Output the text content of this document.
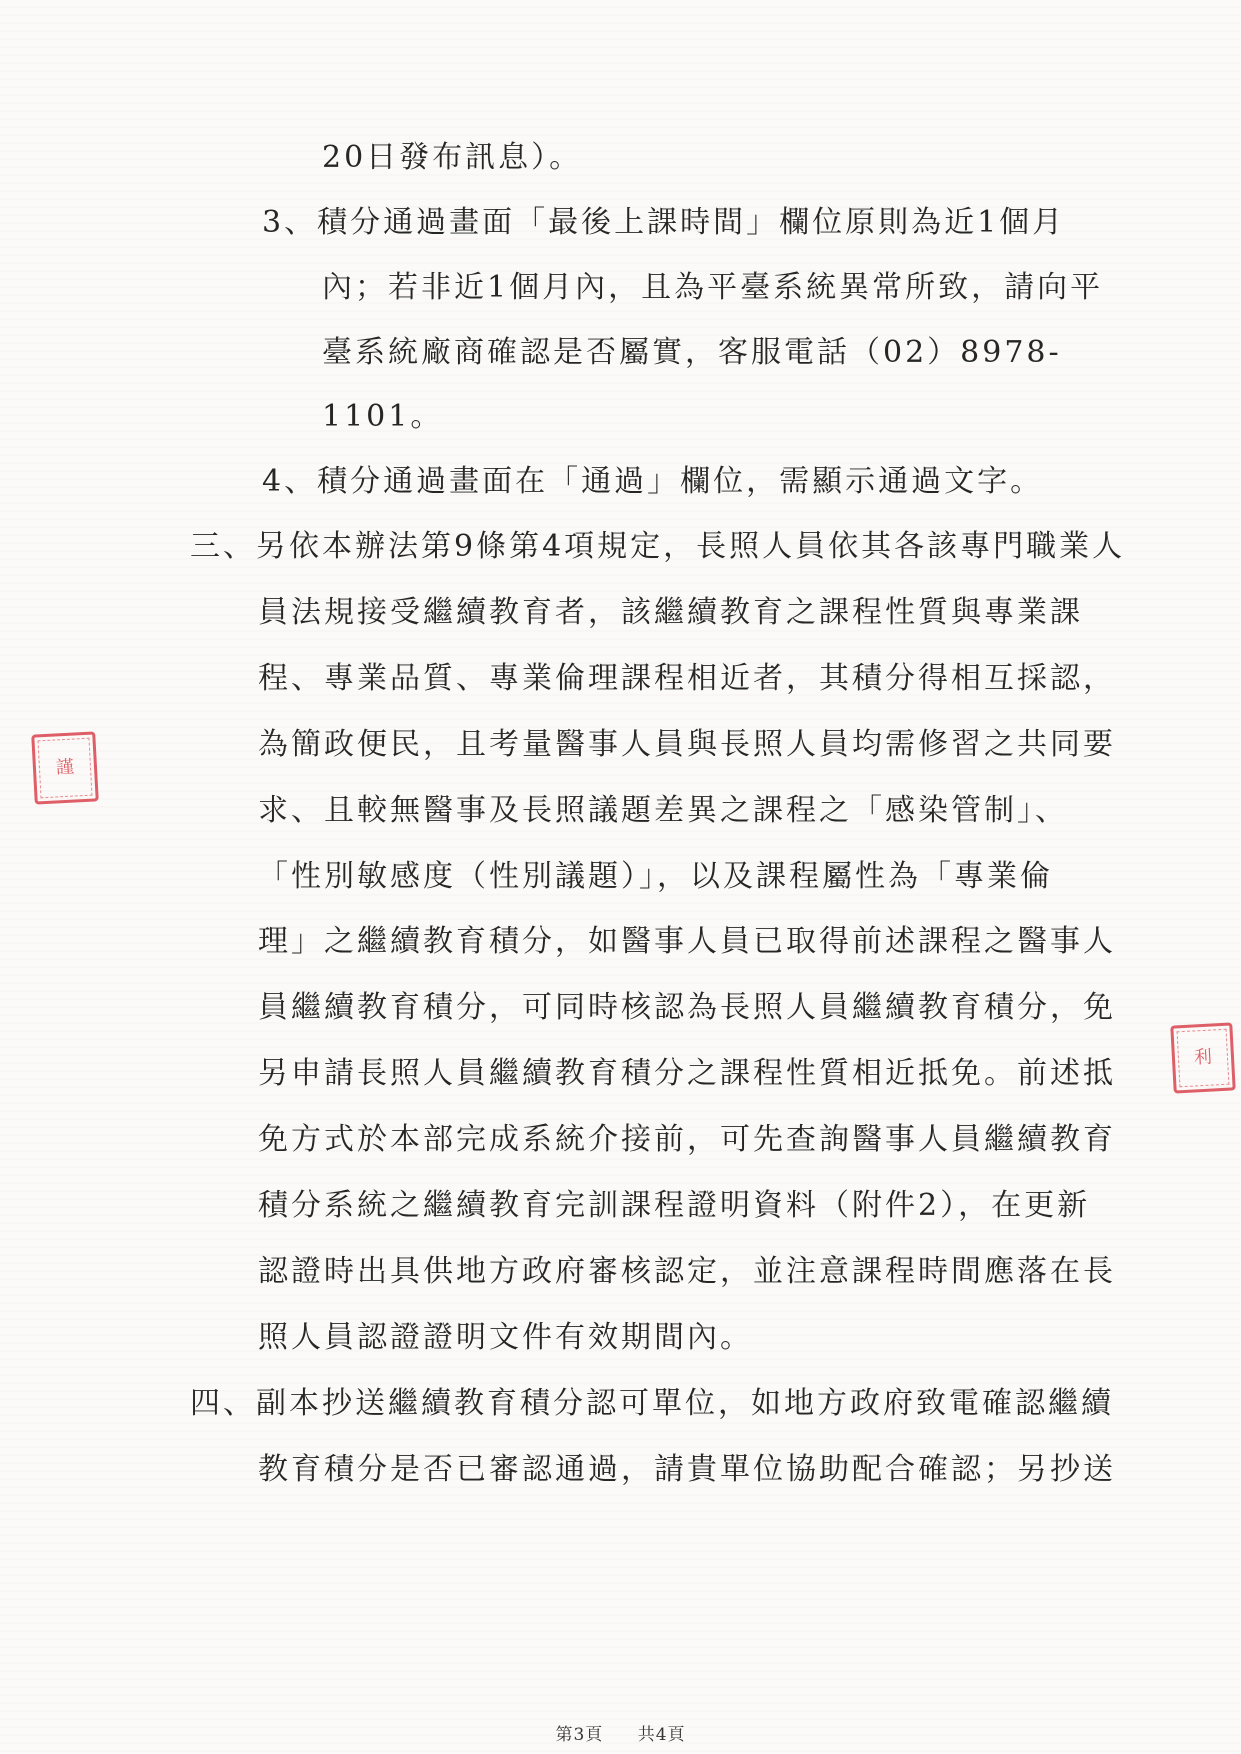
20日發布訊息）。
3、積分通過畫面「最後上課時間」欄位原則為近1個月
內；若非近1個月內，且為平臺系統異常所致，請向平
臺系統廠商確認是否屬實，客服電話（02）8978-
1101。
4、積分通過畫面在「通過」欄位，需顯示通過文字。
三、另依本辦法第9條第4項規定，長照人員依其各該專門職業人
員法規接受繼續教育者，該繼續教育之課程性質與專業課
程、專業品質、專業倫理課程相近者，其積分得相互採認，
為簡政便民，且考量醫事人員與長照人員均需修習之共同要
求、且較無醫事及長照議題差異之課程之「感染管制」、
「性別敏感度（性別議題）」，以及課程屬性為「專業倫
理」之繼續教育積分，如醫事人員已取得前述課程之醫事人
員繼續教育積分，可同時核認為長照人員繼續教育積分，免
另申請長照人員繼續教育積分之課程性質相近抵免。前述抵
免方式於本部完成系統介接前，可先查詢醫事人員繼續教育
積分系統之繼續教育完訓課程證明資料（附件2），在更新
認證時出具供地方政府審核認定，並注意課程時間應落在長
照人員認證證明文件有效期間內。
四、副本抄送繼續教育積分認可單位，如地方政府致電確認繼續
教育積分是否已審認通過，請貴單位協助配合確認；另抄送
謹
利
第3頁 共4頁
